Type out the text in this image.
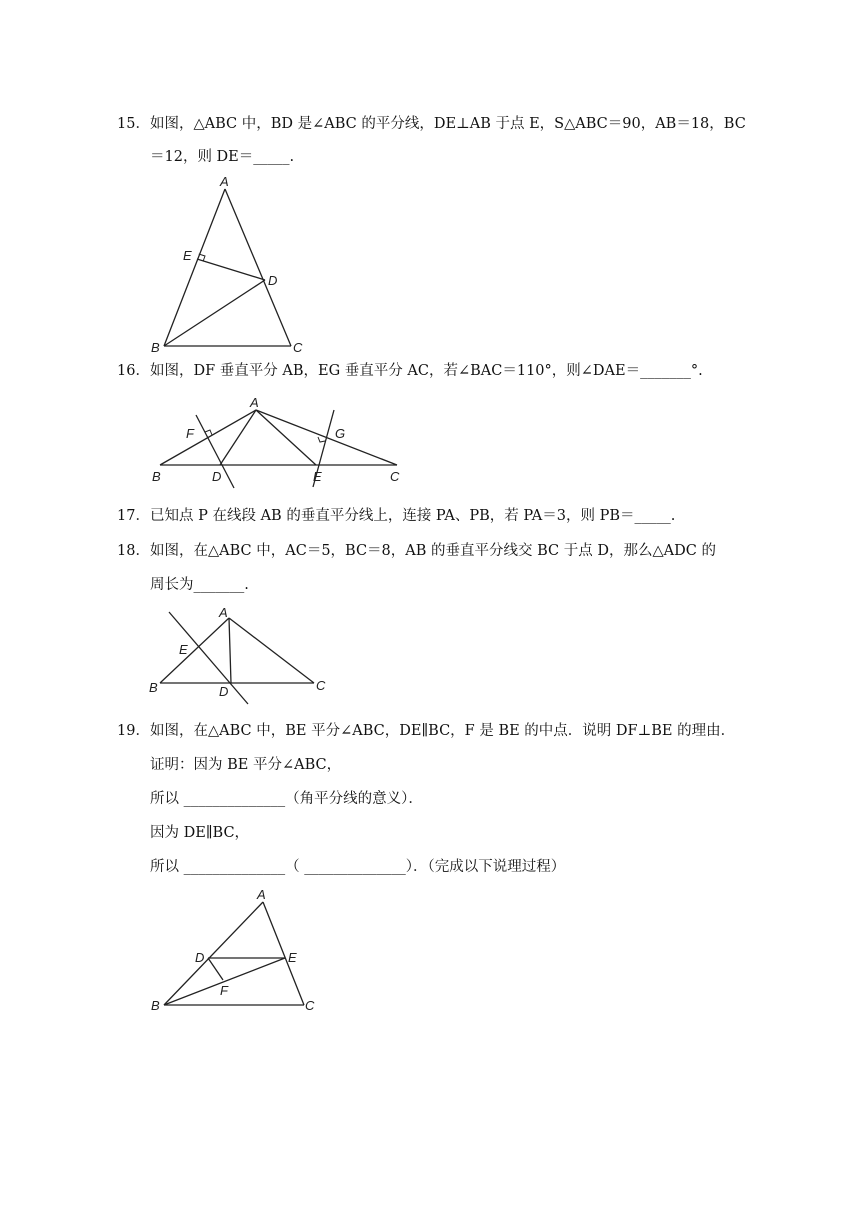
15． 如图，△ABC 中，BD 是∠ABC 的平分线，DE⊥AB 于点 E，S△ABC＝90，AB＝18，BC
＝12，则 DE＝_____.
A
B	C
D
E
16． 如图，DF 垂直平分 AB，EG 垂直平分 AC，若∠BAC＝110°，则∠DAE＝_______°.
A
B	C
D	E
F	G
17． 已知点 P 在线段 AB 的垂直平分线上，连接 PA、PB，若 PA＝3，则 PB＝_____.
18． 如图，在△ABC 中，AC＝5，BC＝8，AB 的垂直平分线交 BC 于点 D，那么△ADC 的
周长为_______.
A
B	C
D
E
19． 如图，在△ABC 中，BE 平分∠ABC，DE∥BC，F 是 BE 的中点．说明 DF⊥BE 的理由．
证明：因为 BE 平分∠ABC，
所以 ______________（角平分线的意义）．
因为 DE∥BC，
所以 ______________（ ______________）．（完成以下说理过程）
A
B	C
D	E
F
